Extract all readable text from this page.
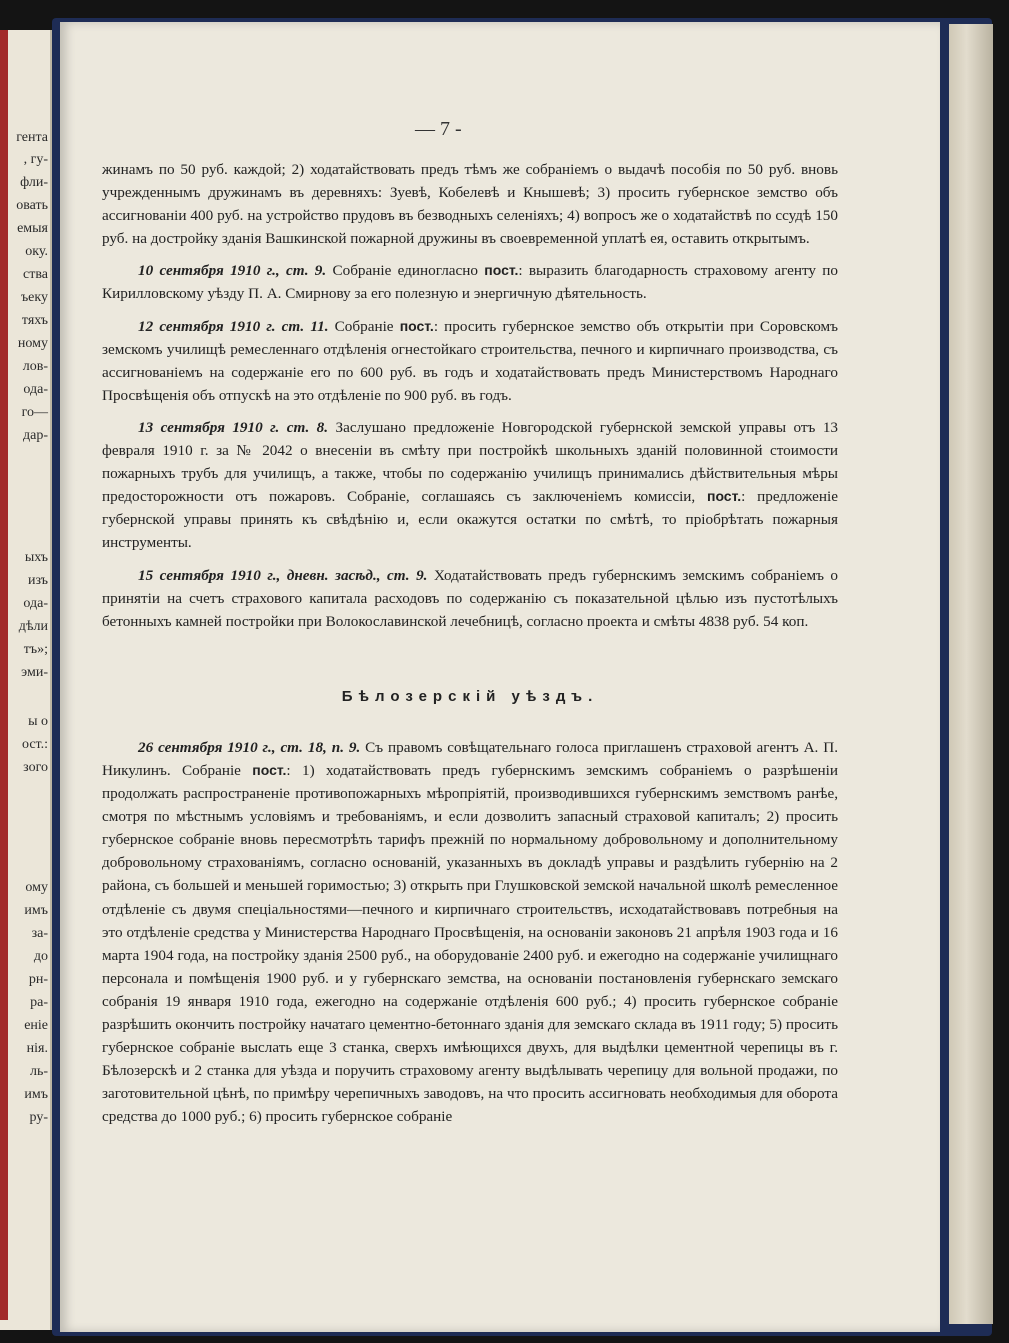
гента
, гу-
фли-
овать
емыя
оку.
ства
ъеку
тяхъ
ному
лов-
ода-
го—
дар-
ыхъ
изъ
ода-
дѣли
тъ»;
эми-
ы о
ост.:
зого
ому
имъ
за-
до
рн-
ра-
еніе
нія.
ль-
имъ
ру-
— 7 -

жинамъ по 50 руб. каждой; 2) ходатайствовать предъ тѣмъ же собраніемъ о выдачѣ пособія по 50 руб. вновь учрежденнымъ дружинамъ въ деревняхъ: Зуевѣ, Кобелевѣ и Кнышевѣ; 3) просить губернское земство объ ассигнованіи 400 руб. на устройство прудовъ въ безводныхъ селеніяхъ; 4) вопросъ же о ходатайствѣ по ссудѣ 150 руб. на достройку зданія Вашкинской пожарной дружины въ своевременной уплатѣ ея, оставить открытымъ.

10 сентября 1910 г., ст. 9. Собраніе единогласно пост.: выразить благодарность страховому агенту по Кирилловскому уѣзду П. А. Смирнову за его полезную и энергичную дѣятельность.

12 сентября 1910 г. ст. 11. Собраніе пост.: просить губернское земство объ открытіи при Соровскомъ земскомъ училищѣ ремесленнаго отдѣленія огнестойкаго строительства, печного и кирпичнаго производства, съ ассигнованіемъ на содержаніе его по 600 руб. въ годъ и ходатайствовать предъ Министерствомъ Народнаго Просвѣщенія объ отпускѣ на это отдѣленіе по 900 руб. въ годъ.

13 сентября 1910 г. ст. 8. Заслушано предложеніе Новгородской губернской земской управы отъ 13 февраля 1910 г. за № 2042 о внесеніи въ смѣту при постройкѣ школьныхъ зданій половинной стоимости пожарныхъ трубъ для училищъ, а также, чтобы по содержанію училищъ принимались дѣйствительныя мѣры предосторожности отъ пожаровъ. Собраніе, соглашаясь съ заключеніемъ комиссіи, пост.: предложеніе губернской управы принять къ свѣдѣнію и, если окажутся остатки по смѣтѣ, то пріобрѣтать пожарныя инструменты.

15 сентября 1910 г., дневн. засѣд., ст. 9. Ходатайствовать предъ губернскимъ земскимъ собраніемъ о принятіи на счетъ страхового капитала расходовъ по содержанію съ показательной цѣлью изъ пустотѣлыхъ бетонныхъ камней постройки при Волокославинской лечебницѣ, согласно проекта и смѣты 4838 руб. 54 коп.

Бѣлозерскій уѣздъ.

26 сентября 1910 г., ст. 18, п. 9. Съ правомъ совѣщательнаго голоса приглашенъ страховой агентъ А. П. Никулинъ. Собраніе пост.: 1) ходатайствовать предъ губернскимъ земскимъ собраніемъ о разрѣшеніи продолжать распространеніе противопожарныхъ мѣропріятій, производившихся губернскимъ земствомъ ранѣе, смотря по мѣстнымъ условіямъ и требованіямъ, и если дозволитъ запасный страховой капиталъ; 2) просить губернское собраніе вновь пересмотрѣть тарифъ прежній по нормальному добровольному и дополнительному добровольному страхованіямъ, согласно основаній, указанныхъ въ докладѣ управы и раздѣлить губернію на 2 района, съ большей и меньшей горимостью; 3) открыть при Глушковской земской начальной школѣ ремесленное отдѣленіе съ двумя спеціальностями—печного и кирпичнаго строительствъ, исходатайствовавъ потребныя на это отдѣленіе средства у Министерства Народнаго Просвѣщенія, на основаніи законовъ 21 апрѣля 1903 года и 16 марта 1904 года, на постройку зданія 2500 руб., на оборудованіе 2400 руб. и ежегодно на содержаніе училищнаго персонала и помѣщенія 1900 руб. и у губернскаго земства, на основаніи постановленія губернскаго земскаго собранія 19 января 1910 года, ежегодно на содержаніе отдѣленія 600 руб.; 4) просить губернское собраніе разрѣшить окончить постройку начатаго цементно-бетоннаго зданія для земскаго склада въ 1911 году; 5) просить губернское собраніе выслать еще 3 станка, сверхъ имѣющихся двухъ, для выдѣлки цементной черепицы въ г. Бѣлозерскѣ и 2 станка для уѣзда и поручить страховому агенту выдѣлывать черепицу для вольной продажи, по заготовительной цѣнѣ, по примѣру черепичныхъ заводовъ, на что просить ассигновать необходимыя для оборота средства до 1000 руб.; 6) просить губернское собраніе
